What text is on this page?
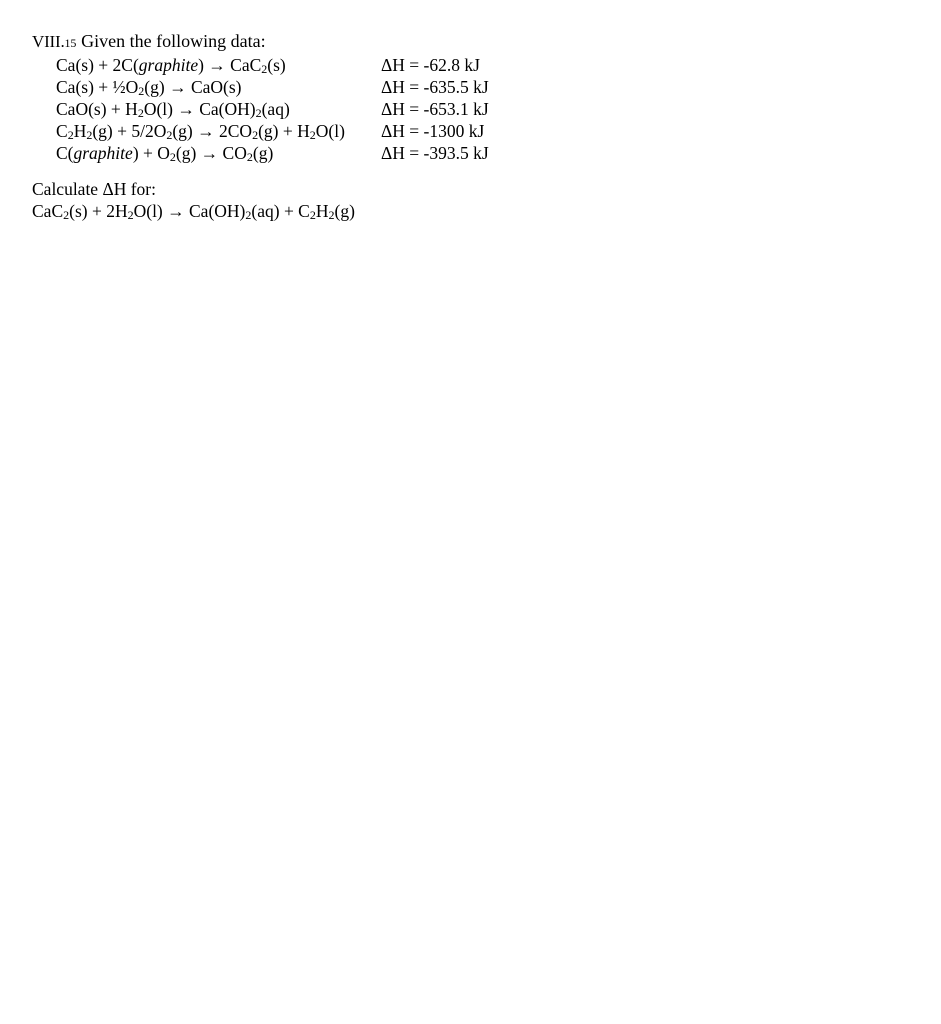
VIII.15 Given the following data:
Ca(s) + 2C(graphite) → CaC$_2$(s)	ΔH = -62.8 kJ
$Ca(s) + \frac{1}{2}O_2(g) \to CaO(s)$	ΔH = -635.5 kJ
$CaO(s) + H_2O(l) \to Ca(OH)_2(aq)$	ΔH = -653.1 kJ
$C_2H_2(g) + 5/2O_2(g) \to 2CO_2(g) + H_2O(l) \Delta H = -1300$ kJ
C(graphite) + $O_2(g) \to CO_2(g)$	ΔH = -393.5 kJ
Calculate ΔH for:
$CaC_2(s) + 2H_2O(l) \to Ca(OH)_2(aq) + C_2H_2(g)$
